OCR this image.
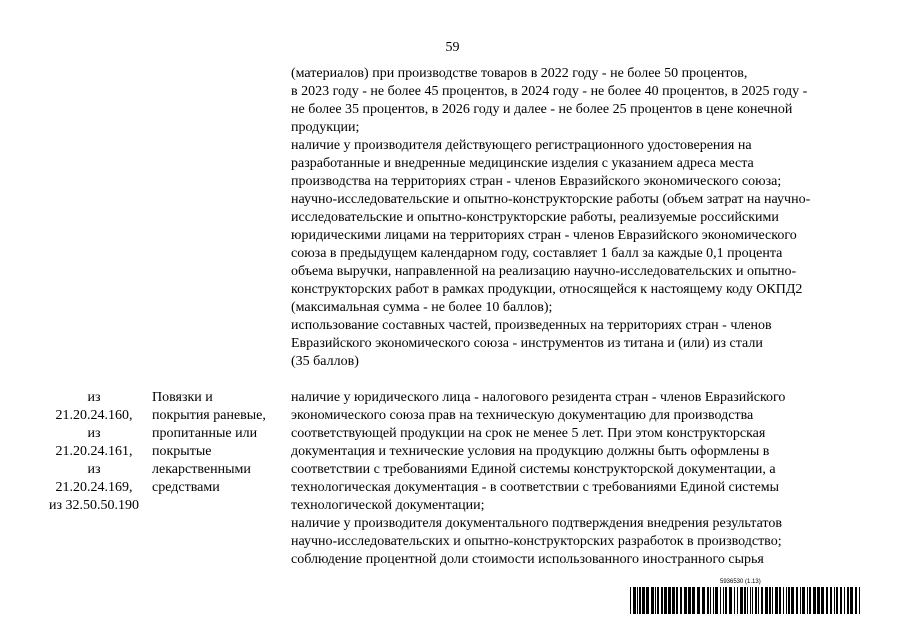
59
(материалов) при производстве товаров в 2022 году - не более 50 процентов,
в 2023 году - не более 45 процентов, в 2024 году - не более 40 процентов, в 2025 году -
не более 35 процентов, в 2026 году и далее - не более 25 процентов в цене конечной
продукции;
наличие у производителя действующего регистрационного удостоверения на
разработанные и внедренные медицинские изделия с указанием адреса места
производства на территориях стран - членов Евразийского экономического союза;
научно-исследовательские и опытно-конструкторские работы (объем затрат на научно-
исследовательские и опытно-конструкторские работы, реализуемые российскими
юридическими лицами на территориях стран - членов Евразийского экономического
союза в предыдущем календарном году, составляет 1 балл за каждые 0,1 процента
объема выручки, направленной на реализацию научно-исследовательских и опытно-
конструкторских работ в рамках продукции, относящейся к настоящему коду ОКПД2
(максимальная сумма - не более 10 баллов);
использование составных частей, произведенных на территориях стран - членов
Евразийского экономического союза - инструментов из титана и (или) из стали
(35 баллов)
из
21.20.24.160,
из
21.20.24.161,
из
21.20.24.169,
из 32.50.50.190
Повязки и
покрытия раневые,
пропитанные или
покрытые
лекарственными
средствами
наличие у юридического лица - налогового резидента стран - членов Евразийского
экономического союза прав на техническую документацию для производства
соответствующей продукции на срок не менее 5 лет. При этом конструкторская
документация и технические условия на продукцию должны быть оформлены в
соответствии с требованиями Единой системы конструкторской документации, а
технологическая документация - в соответствии с требованиями Единой системы
технологической документации;
наличие у производителя документального подтверждения внедрения результатов
научно-исследовательских и опытно-конструкторских разработок в производство;
соблюдение процентной доли стоимости использованного иностранного сырья
5936530 (1.13)
